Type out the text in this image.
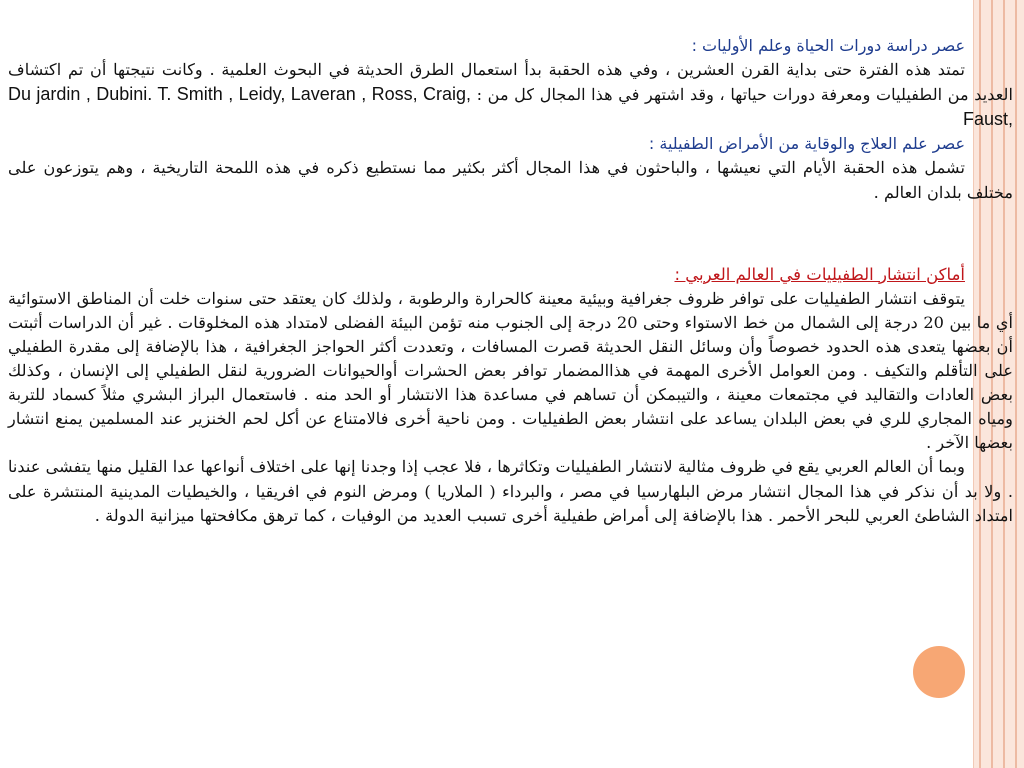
عصر دراسة دورات الحياة وعلم الأوليات :

تمتد هذه الفترة حتى بداية القرن العشرين ، وفي هذه الحقبة بدأ استعمال الطرق الحديثة في البحوث العلمية . وكانت نتيجتها أن تم اكتشاف العديد من الطفيليات ومعرفة دورات حياتها ، وقد اشتهر في هذا المجال كل من : Du jardin , Dubini. T. Smith , Leidy, Laveran , Ross, Craig, Faust,

عصر علم العلاج والوقاية من الأمراض الطفيلية :

تشمل هذه الحقبة الأيام التي نعيشها ، والباحثون في هذا المجال أكثر بكثير مما نستطيع ذكره في هذه اللمحة التاريخية ، وهم يتوزعون على مختلف بلدان العالم .

أماكن انتشار الطفيليات في العالم العربي :

يتوقف انتشار الطفيليات على توافر ظروف جغرافية وبيئية معينة كالحرارة والرطوبة ، ولذلك كان يعتقد حتى سنوات خلت أن المناطق الاستوائية أي ما بين 20 درجة إلى الشمال من خط الاستواء وحتى 20 درجة إلى الجنوب منه تؤمن البيئة الفضلى لامتداد هذه المخلوقات . غير أن الدراسات أثبتت أن بعضها يتعدى هذه الحدود خصوصاً وأن وسائل النقل الحديثة قصرت المسافات ، وتعددت أكثر الحواجز الجغرافية ، هذا بالإضافة إلى مقدرة الطفيلي على التأقلم والتكيف . ومن العوامل الأخرى المهمة في هذاالمضمار توافر بعض الحشرات أوالحيوانات الضرورية لنقل الطفيلي إلى الإنسان ، وكذلك بعض العادات والتقاليد في مجتمعات معينة ، والتيبمكن أن تساهم في مساعدة هذا الانتشار أو الحد منه . فاستعمال البراز البشري مثلاً كسماد للتربة ومياه المجاري للري في بعض البلدان يساعد على انتشار بعض الطفيليات . ومن ناحية أخرى فالامتناع عن أكل لحم الخنزير عند المسلمين يمنع انتشار بعضها الآخر .

وبما أن العالم العربي يقع في ظروف مثالية لانتشار الطفيليات وتكاثرها ، فلا عجب إذا وجدنا إنها على اختلاف أنواعها عدا القليل منها يتفشى عندنا . ولا بد أن نذكر في هذا المجال انتشار مرض البلهارسيا في مصر ، والبرداء ( الملاريا ) ومرض النوم في افريقيا ، والخيطيات المدينية المنتشرة على امتداد الشاطئ العربي للبحر الأحمر . هذا بالإضافة إلى أمراض طفيلية أخرى تسبب العديد من الوفيات ، كما ترهق مكافحتها ميزانية الدولة .
